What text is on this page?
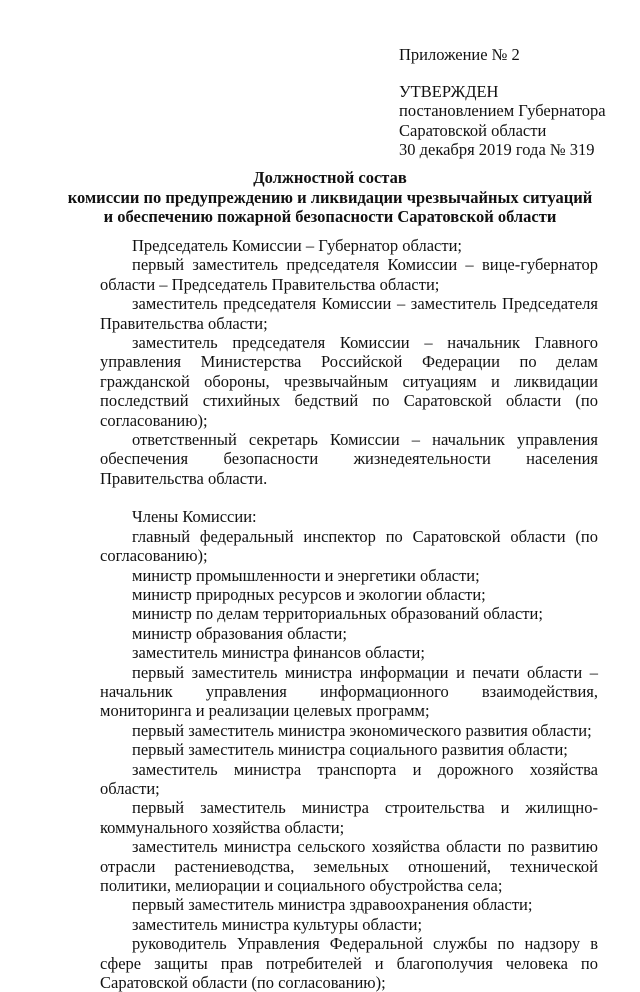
Приложение № 2
УТВЕРЖДЕН
постановлением Губернатора
Саратовской области
30 декабря 2019 года № 319
Должностной состав
комиссии по предупреждению и ликвидации чрезвычайных ситуаций
и обеспечению пожарной безопасности Саратовской области

Председатель Комиссии – Губернатор области;

первый заместитель председателя Комиссии – вице-губернатор области – Председатель Правительства области;

заместитель председателя Комиссии – заместитель Председателя Правительства области;

заместитель председателя Комиссии – начальник Главного управления Министерства Российской Федерации по делам гражданской обороны, чрезвычайным ситуациям и ликвидации последствий стихийных бедствий по Саратовской области (по согласованию);

ответственный секретарь Комиссии – начальник управления обеспечения безопасности жизнедеятельности населения Правительства области.

Члены Комиссии:

главный федеральный инспектор по Саратовской области (по согласованию);

министр промышленности и энергетики области;

министр природных ресурсов и экологии области;

министр по делам территориальных образований области;

министр образования области;

заместитель министра финансов области;

первый заместитель министра информации и печати области – начальник управления информационного взаимодействия, мониторинга и реализации целевых программ;

первый заместитель министра экономического развития области;

первый заместитель министра социального развития области;

заместитель министра транспорта и дорожного хозяйства области;

первый заместитель министра строительства и жилищно-коммунального хозяйства области;

заместитель министра сельского хозяйства области по развитию отрасли растениеводства, земельных отношений, технической политики, мелиорации и социального обустройства села;

первый заместитель министра здравоохранения области;

заместитель министра культуры области;

руководитель Управления Федеральной службы по надзору в сфере защиты прав потребителей и благополучия человека по Саратовской области (по согласованию);
